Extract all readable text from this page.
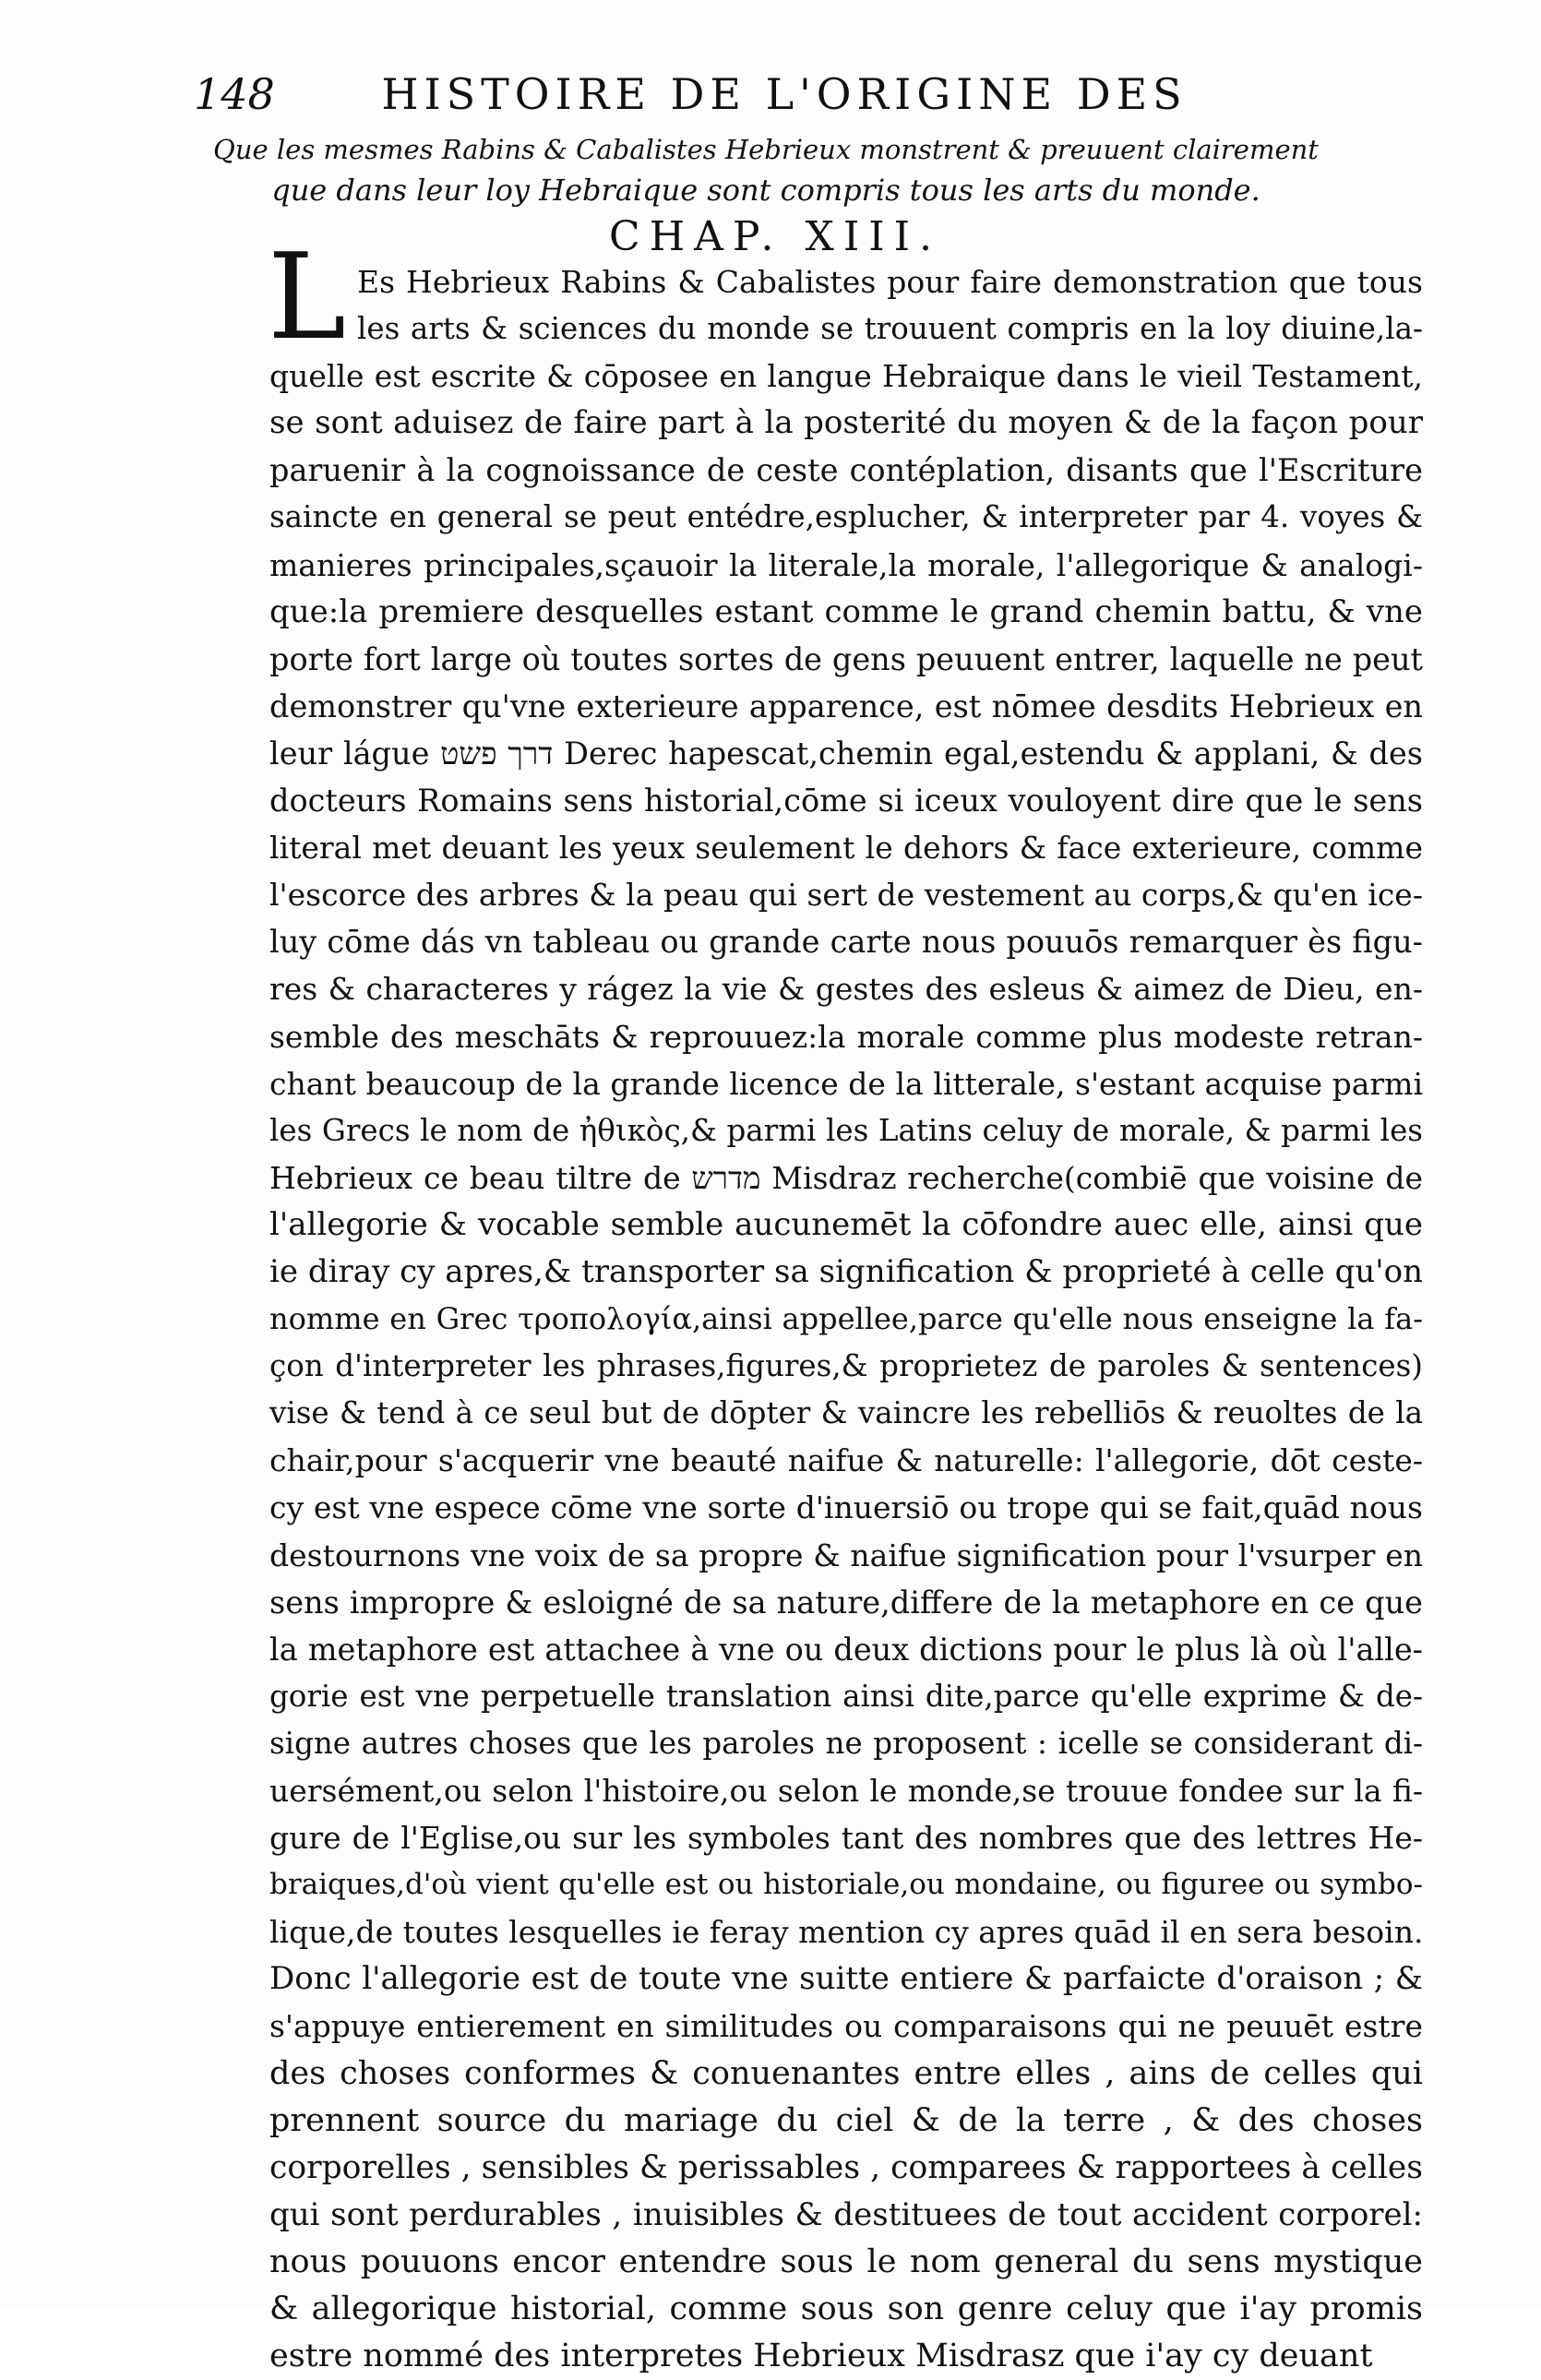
148	HISTOIRE DE L'ORIGINE DES
Que les mesmes Rabins & Cabalistes Hebrieux monstrent & preuuent clairement
que dans leur loy Hebraique sont compris tous les arts du monde.
CHAP. XIII.
L Es Hebrieux Rabins & Cabalistes pour faire demonstration que tous
les arts & sciences du monde se trouuent compris en la loy diuine,la-
quelle est escrite & cōposee en langue Hebraique dans le vieil Testament,
se sont aduisez de faire part à la posterité du moyen & de la façon pour
paruenir à la cognoissance de ceste contéplation, disants que l'Escriture
saincte en general se peut entédre,esplucher, & interpreter par 4. voyes &
manieres principales,sçauoir la literale,la morale, l'allegorique & analogi-
que:la premiere desquelles estant comme le grand chemin battu, & vne
porte fort large où toutes sortes de gens peuuent entrer, laquelle ne peut
demonstrer qu'vne exterieure apparence, est nōmee desdits Hebrieux en
leur lágue דרך פשט Derec hapescat,chemin egal,estendu & applani, & des
docteurs Romains sens historial,cōme si iceux vouloyent dire que le sens
literal met deuant les yeux seulement le dehors & face exterieure, comme
l'escorce des arbres & la peau qui sert de vestement au corps,& qu'en ice-
luy cōme dás vn tableau ou grande carte nous pouuōs remarquer ès figu-
res & characteres y rágez la vie & gestes des esleus & aimez de Dieu, en-
semble des meschāts & reprouuez:la morale comme plus modeste retran-
chant beaucoup de la grande licence de la litterale, s'estant acquise parmi
les Grecs le nom de ἠθικὸς,& parmi les Latins celuy de morale, & parmi les
Hebrieux ce beau tiltre de מדרש Misdraz recherche(combiē que voisine de
l'allegorie & vocable semble aucunemēt la cōfondre auec elle, ainsi que
ie diray cy apres,& transporter sa signification & proprieté à celle qu'on
nomme en Grec τροπολογία,ainsi appellee,parce qu'elle nous enseigne la fa-
çon d'interpreter les phrases,figures,& proprietez de paroles & sentences)
vise & tend à ce seul but de dōpter & vaincre les rebelliōs & reuoltes de la
chair,pour s'acquerir vne beauté naifue & naturelle: l'allegorie, dōt ceste-
cy est vne espece cōme vne sorte d'inuersiō ou trope qui se fait,quād nous
destournons vne voix de sa propre & naifue signification pour l'vsurper en
sens impropre & esloigné de sa nature,differe de la metaphore en ce que
la metaphore est attachee à vne ou deux dictions pour le plus là où l'alle-
gorie est vne perpetuelle translation ainsi dite,parce qu'elle exprime & de-
signe autres choses que les paroles ne proposent : icelle se considerant di-
uersément,ou selon l'histoire,ou selon le monde,se trouue fondee sur la fi-
gure de l'Eglise,ou sur les symboles tant des nombres que des lettres He-
braiques,d'où vient qu'elle est ou historiale,ou mondaine, ou figuree ou symbo-
lique,de toutes lesquelles ie feray mention cy apres quād il en sera besoin.
Donc l'allegorie est de toute vne suitte entiere & parfaicte d'oraison ; &
s'appuye entierement en similitudes ou comparaisons qui ne peuuēt estre
des choses conformes & conuenantes entre elles , ains de celles qui
prennent source du mariage du ciel & de la terre , & des choses
corporelles , sensibles & perissables , comparees & rapportees à celles
qui sont perdurables , inuisibles & destituees de tout accident corporel:
nous pouuons encor entendre sous le nom general du sens mystique
& allegorique historial, comme sous son genre celuy que i'ay promis
estre nommé des interpretes Hebrieux Misdrasz que i'ay cy deuant
